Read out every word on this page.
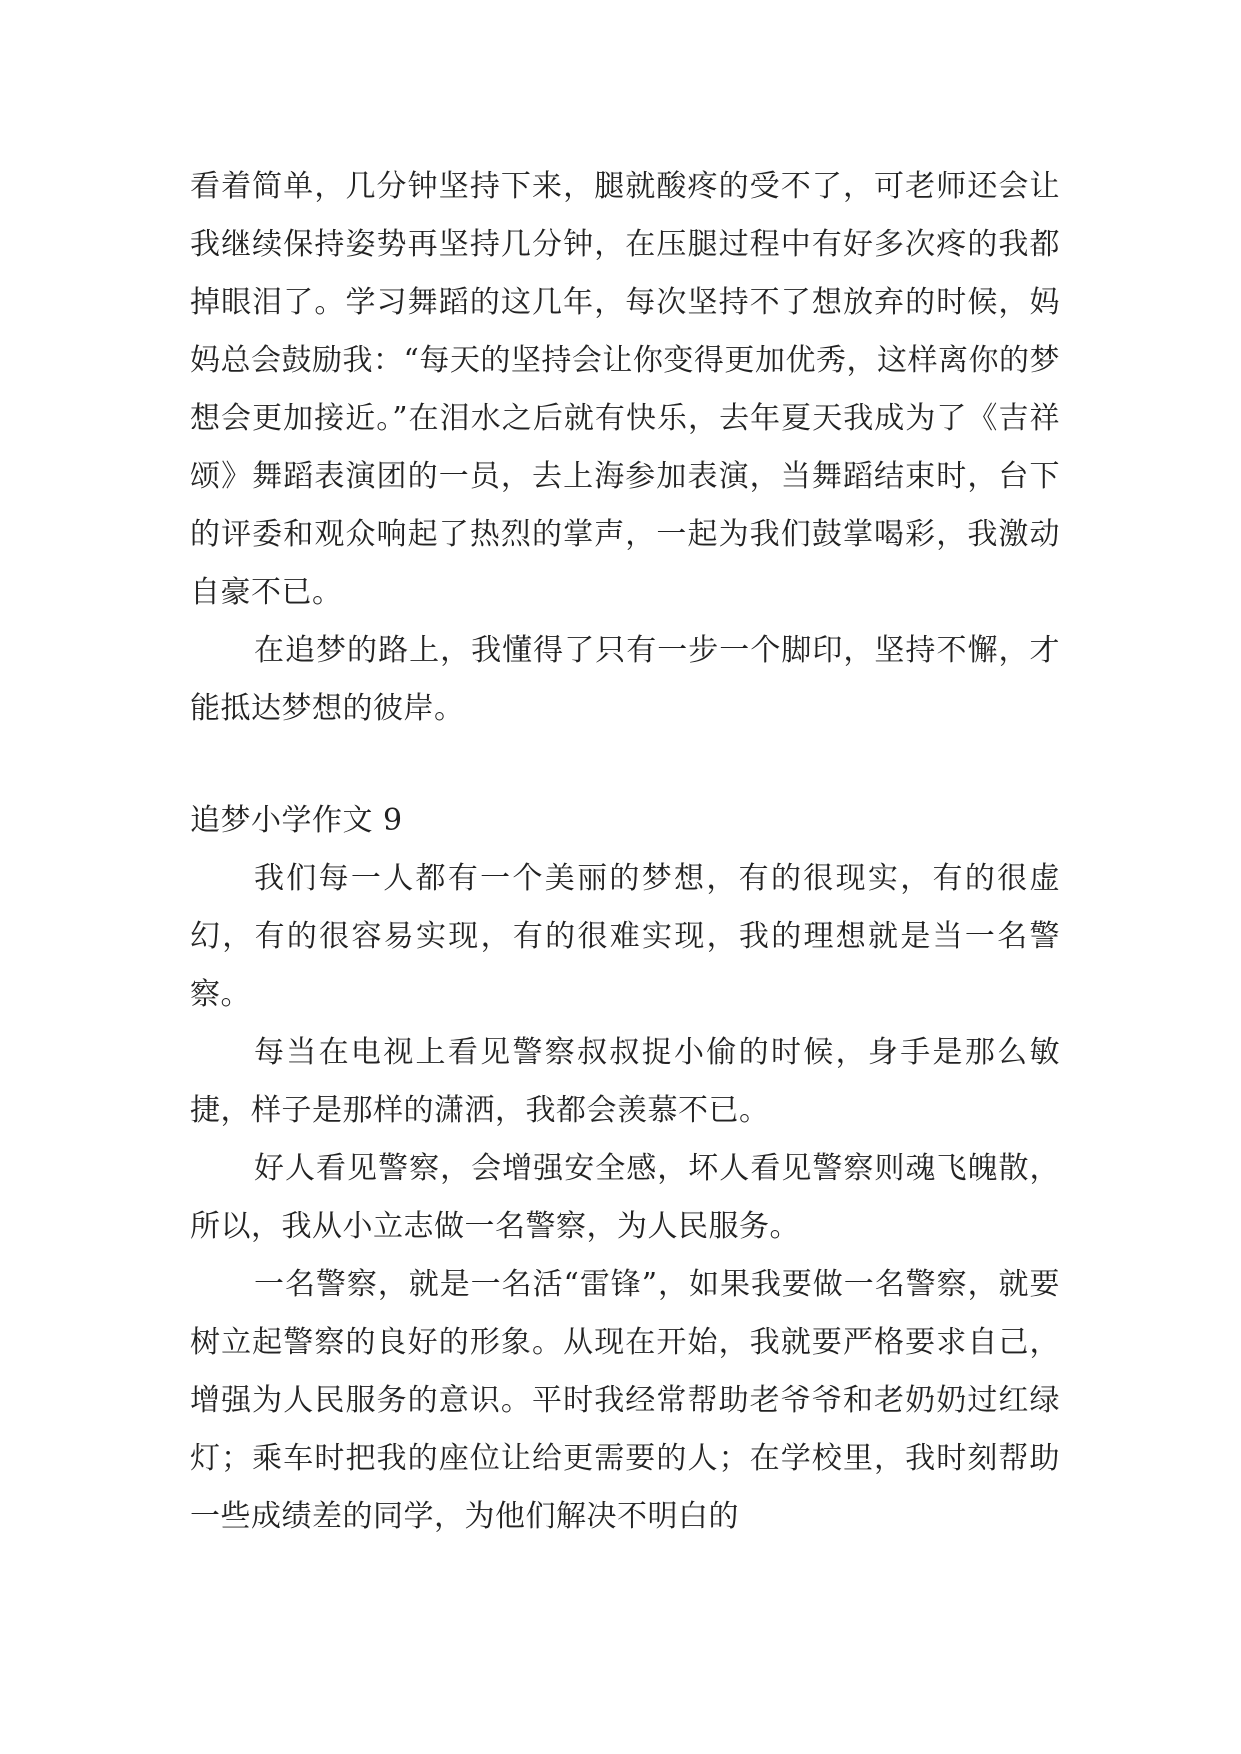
看着简单，几分钟坚持下来，腿就酸疼的受不了，可老师还会让我继续保持姿势再坚持几分钟，在压腿过程中有好多次疼的我都掉眼泪了。学习舞蹈的这几年，每次坚持不了想放弃的时候，妈妈总会鼓励我：“每天的坚持会让你变得更加优秀，这样离你的梦想会更加接近。”在泪水之后就有快乐，去年夏天我成为了《吉祥颂》舞蹈表演团的一员，去上海参加表演，当舞蹈结束时，台下的评委和观众响起了热烈的掌声，一起为我们鼓掌喝彩，我激动自豪不已。

在追梦的路上，我懂得了只有一步一个脚印，坚持不懈，才能抵达梦想的彼岸。

追梦小学作文 9

我们每一人都有一个美丽的梦想，有的很现实，有的很虚幻，有的很容易实现，有的很难实现，我的理想就是当一名警察。

每当在电视上看见警察叔叔捉小偷的时候，身手是那么敏捷，样子是那样的潇洒，我都会羡慕不已。

好人看见警察，会增强安全感，坏人看见警察则魂飞魄散，所以，我从小立志做一名警察，为人民服务。

一名警察，就是一名活“雷锋”，如果我要做一名警察，就要树立起警察的良好的形象。从现在开始，我就要严格要求自己，增强为人民服务的意识。平时我经常帮助老爷爷和老奶奶过红绿灯；乘车时把我的座位让给更需要的人；在学校里，我时刻帮助一些成绩差的同学，为他们解决不明白的
